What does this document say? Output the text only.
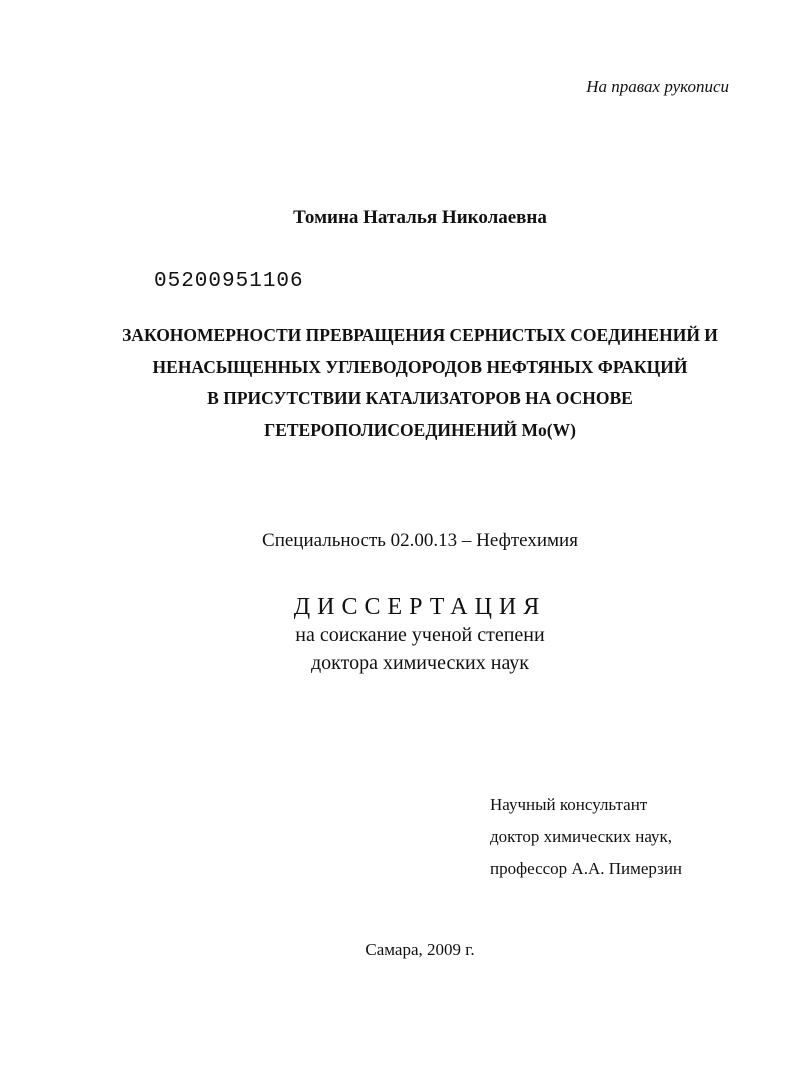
На правах рукописи
Томина Наталья Николаевна
05200951106
ЗАКОНОМЕРНОСТИ ПРЕВРАЩЕНИЯ СЕРНИСТЫХ СОЕДИНЕНИЙ И
НЕНАСЫЩЕННЫХ УГЛЕВОДОРОДОВ НЕФТЯНЫХ ФРАКЦИЙ
В ПРИСУТСТВИИ КАТАЛИЗАТОРОВ НА ОСНОВЕ
ГЕТЕРОПОЛИСОЕДИНЕНИЙ Mo(W)
Специальность 02.00.13 – Нефтехимия
ДИССЕРТАЦИЯ
на соискание ученой степени
доктора химических наук
Научный консультант
доктор химических наук,
профессор А.А. Пимерзин
Самара, 2009 г.
